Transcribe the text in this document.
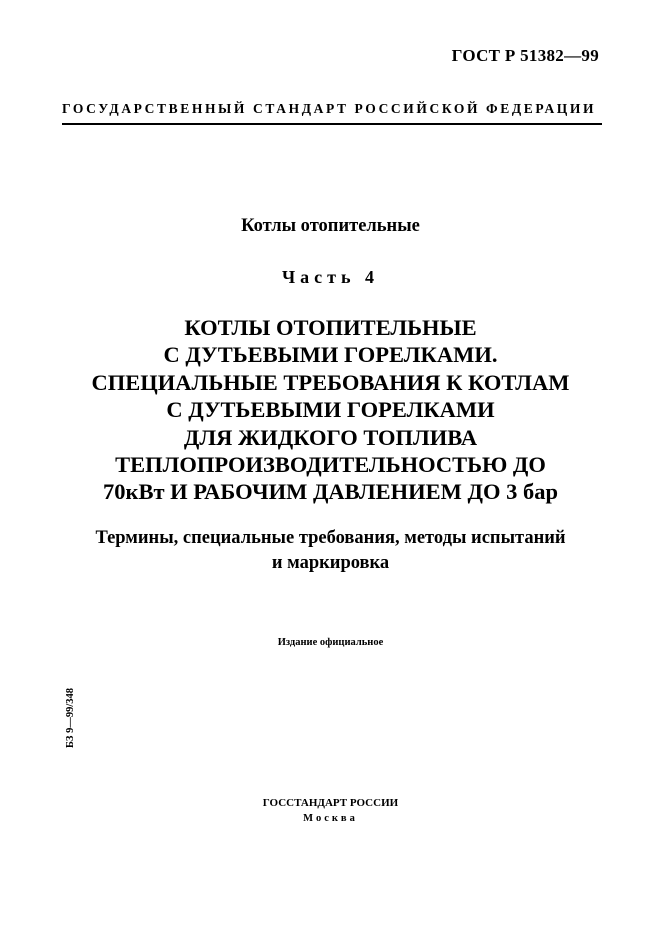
ГОСТ Р 51382—99
ГОСУДАРСТВЕННЫЙ СТАНДАРТ РОССИЙСКОЙ ФЕДЕРАЦИИ
Котлы отопительные
Часть 4
КОТЛЫ ОТОПИТЕЛЬНЫЕ
С ДУТЬЕВЫМИ ГОРЕЛКАМИ.
СПЕЦИАЛЬНЫЕ ТРЕБОВАНИЯ К КОТЛАМ
С ДУТЬЕВЫМИ ГОРЕЛКАМИ
ДЛЯ ЖИДКОГО ТОПЛИВА
ТЕПЛОПРОИЗВОДИТЕЛЬНОСТЬЮ ДО
70кВт И РАБОЧИМ ДАВЛЕНИЕМ ДО 3 бар
Термины, специальные требования, методы испытаний
и маркировка
Издание официальное
БЗ 9—99/348
ГОССТАНДАРТ РОССИИ
Москва
